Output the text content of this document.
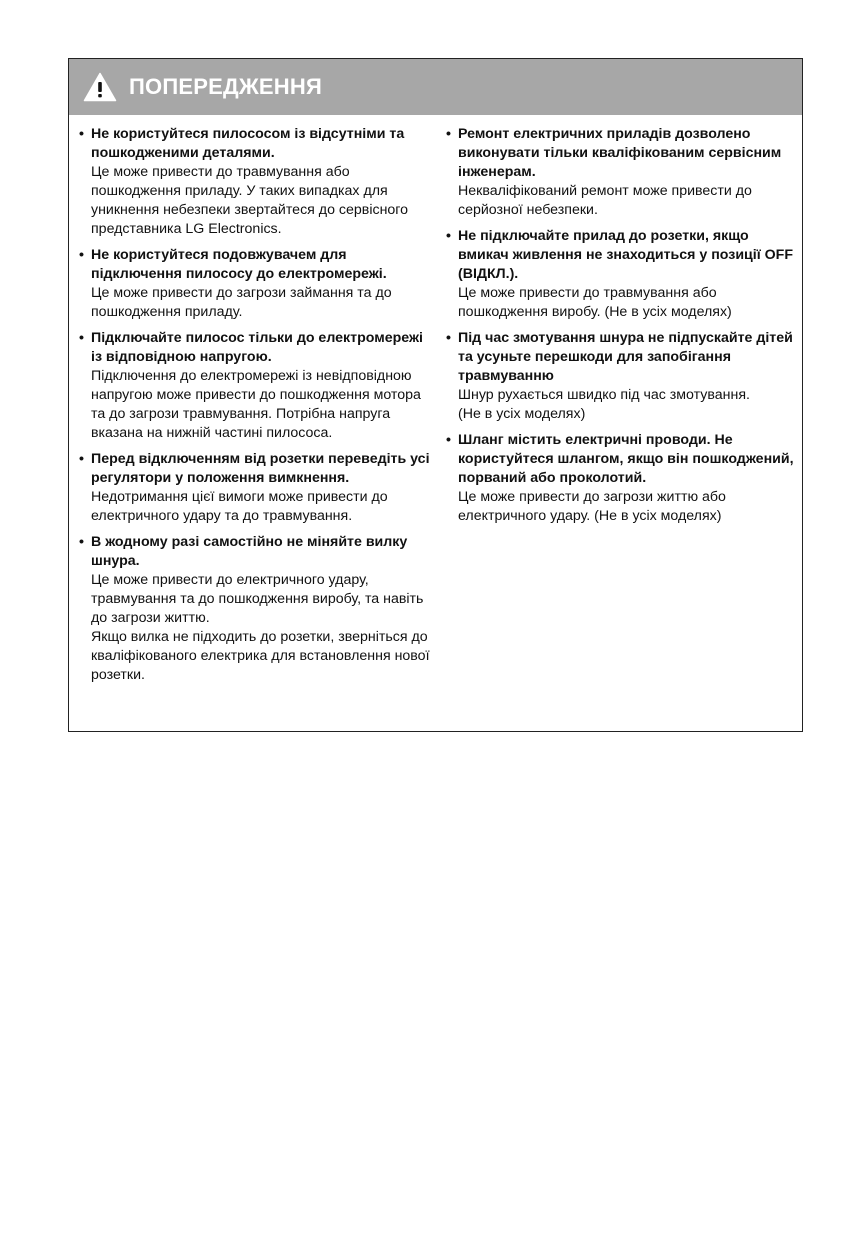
ПОПЕРЕДЖЕННЯ
• Не користуйтеся пилососом із відсутніми та пошкодженими деталями.
Це може привести до травмування або пошкодження приладу. У таких випадках для уникнення небезпеки звертайтеся до сервісного представника LG Electronics.
• Не користуйтеся подовжувачем для підключення пилососу до електромережі.
Це може привести до загрози займання та до пошкодження приладу.
• Підключайте пилосос тільки до електромережі із відповідною напругою.
Підключення до електромережі із невідповідною напругою може привести до пошкодження мотора та до загрози травмування. Потрібна напруга вказана на нижній частині пилососа.
• Перед відключенням від розетки переведіть усі регулятори у положення вимкнення.
Недотримання цієї вимоги може привести до електричного удару та до травмування.
• В жодному разі самостійно не міняйте вилку шнура.
Це може привести до електричного удару, травмування та до пошкодження виробу, та навіть до загрози життю.
Якщо вилка не підходить до розетки, зверніться до кваліфікованого електрика для встановлення нової розетки.
• Ремонт електричних приладів дозволено виконувати тільки кваліфікованим сервісним інженерам.
Некваліфікований ремонт може привести до серйозної небезпеки.
• Не підключайте прилад до розетки, якщо вмикач живлення не знаходиться у позиції OFF (ВІДКЛ.).
Це може привести до травмування або пошкодження виробу. (Не в усіх моделях)
• Під час змотування шнура не підпускайте дітей та усуньте перешкоди для запобігання травмуванню
Шнур рухається швидко під час змотування.
(Не в усіх моделях)
• Шланг містить електричні проводи. Не користуйтеся шлангом, якщо він пошкоджений, порваний або проколотий.
Це може привести до загрози життю або електричного удару. (Не в усіх моделях)
